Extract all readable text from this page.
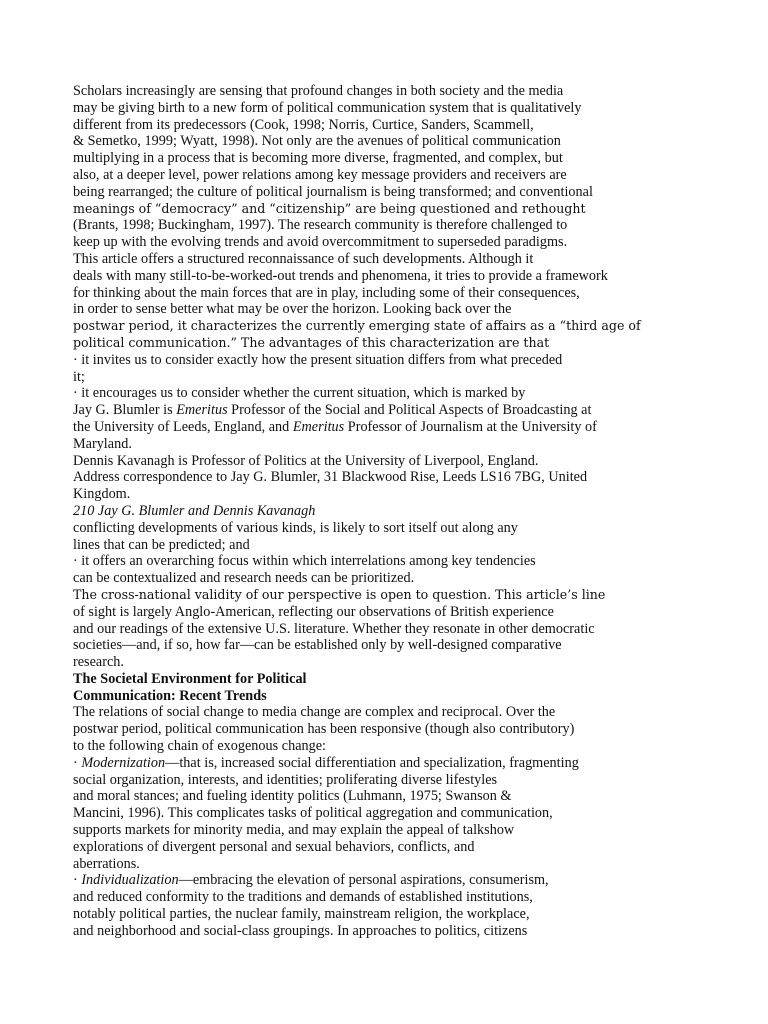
Scholars increasingly are sensing that profound changes in both society and the media
may be giving birth to a new form of political communication system that is qualitatively
different from its predecessors (Cook, 1998; Norris, Curtice, Sanders, Scammell,
& Semetko, 1999; Wyatt, 1998). Not only are the avenues of political communication
multiplying in a process that is becoming more diverse, fragmented, and complex, but
also, at a deeper level, power relations among key message providers and receivers are
being rearranged; the culture of political journalism is being transformed; and conventional
meanings of “democracy” and “citizenship” are being questioned and rethought
(Brants, 1998; Buckingham, 1997). The research community is therefore challenged to
keep up with the evolving trends and avoid overcommitment to superseded paradigms.
This article offers a structured reconnaissance of such developments. Although it
deals with many still-to-be-worked-out trends and phenomena, it tries to provide a framework
for thinking about the main forces that are in play, including some of their consequences,
in order to sense better what may be over the horizon. Looking back over the
postwar period, it characterizes the currently emerging state of affairs as a “third age of
political communication.” The advantages of this characterization are that
· it invites us to consider exactly how the present situation differs from what preceded
it;
· it encourages us to consider whether the current situation, which is marked by
Jay G. Blumler is Emeritus Professor of the Social and Political Aspects of Broadcasting at
the University of Leeds, England, and Emeritus Professor of Journalism at the University of
Maryland.
Dennis Kavanagh is Professor of Politics at the University of Liverpool, England.
Address correspondence to Jay G. Blumler, 31 Blackwood Rise, Leeds LS16 7BG, United
Kingdom.
210 Jay G. Blumler and Dennis Kavanagh
conflicting developments of various kinds, is likely to sort itself out along any
lines that can be predicted; and
· it offers an overarching focus within which interrelations among key tendencies
can be contextualized and research needs can be prioritized.
The cross-national validity of our perspective is open to question. This article’s line
of sight is largely Anglo-American, reflecting our observations of British experience
and our readings of the extensive U.S. literature. Whether they resonate in other democratic
societies—and, if so, how far—can be established only by well-designed comparative
research.
The Societal Environment for Political
Communication: Recent Trends
The relations of social change to media change are complex and reciprocal. Over the
postwar period, political communication has been responsive (though also contributory)
to the following chain of exogenous change:
· Modernization—that is, increased social differentiation and specialization, fragmenting
social organization, interests, and identities; proliferating diverse lifestyles
and moral stances; and fueling identity politics (Luhmann, 1975; Swanson &
Mancini, 1996). This complicates tasks of political aggregation and communication,
supports markets for minority media, and may explain the appeal of talkshow
explorations of divergent personal and sexual behaviors, conflicts, and
aberrations.
· Individualization—embracing the elevation of personal aspirations, consumerism,
and reduced conformity to the traditions and demands of established institutions,
notably political parties, the nuclear family, mainstream religion, the workplace,
and neighborhood and social-class groupings. In approaches to politics, citizens
